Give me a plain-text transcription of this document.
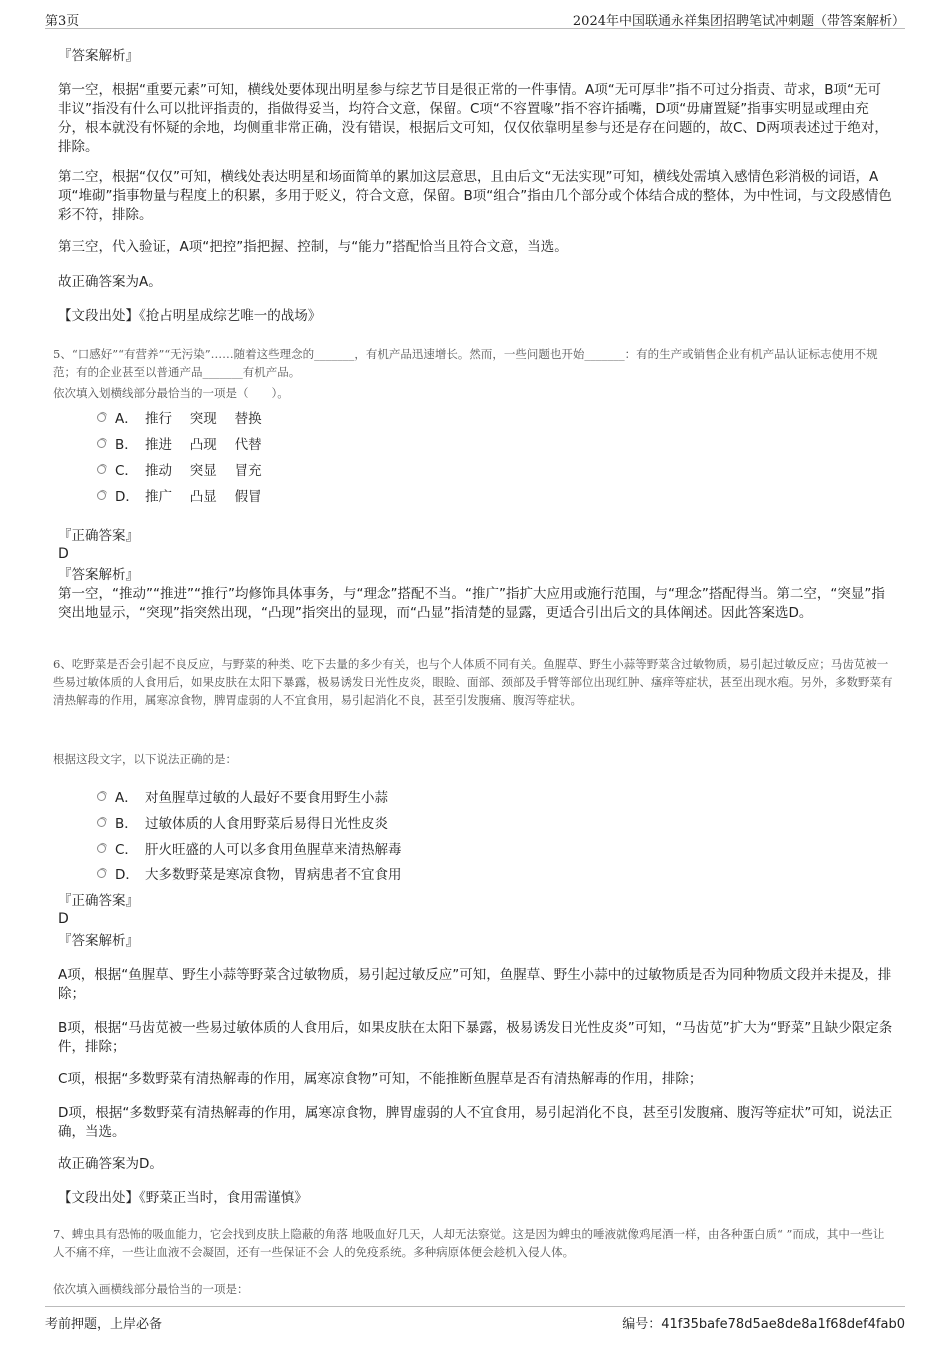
第3页	2024年中国联通永祥集团招聘笔试冲刺题（带答案解析）
『答案解析』

第一空，根据“重要元素”可知，横线处要体现出明星参与综艺节目是很正常的一件事情。A项“无可厚非”指不可过分指责、苛求，B项“无可非议”指没有什么可以批评指责的，指做得妥当，均符合文意，保留。C项“不容置喙”指不容许插嘴，D项“毋庸置疑”指事实明显或理由充分，根本就没有怀疑的余地，均侧重非常正确，没有错误，根据后文可知，仅仅依靠明星参与还是存在问题的，故C、D两项表述过于绝对，排除。

第二空，根据“仅仅”可知，横线处表达明星和场面简单的累加这层意思，且由后文“无法实现”可知，横线处需填入感情色彩消极的词语，A项“堆砌”指事物量与程度上的积累，多用于贬义，符合文意，保留。B项“组合”指由几个部分或个体结合成的整体，为中性词，与文段感情色彩不符，排除。

第三空，代入验证，A项“把控”指把握、控制，与“能力”搭配恰当且符合文意，当选。

故正确答案为A。

【文段出处】《抢占明星成综艺唯一的战场》

5、“口感好”“有营养”“无污染”……随着这些理念的_______，有机产品迅速增长。然而，一些问题也开始_______：有的生产或销售企业有机产品认证标志使用不规范；有的企业甚至以普通产品_______有机产品。

依次填入划横线部分最恰当的一项是（　　）。

A． 推行　 突现　 替换
B． 推进　 凸现　 代替
C． 推动　 突显　 冒充
D． 推广　 凸显　 假冒
『正确答案』
D
『答案解析』

第一空，“推动”“推进”“推行”均修饰具体事务，与“理念”搭配不当。“推广”指扩大应用或施行范围，与“理念”搭配得当。第二空，“突显”指突出地显示，“突现”指突然出现，“凸现”指突出的显现，而“凸显”指清楚的显露，更适合引出后文的具体阐述。因此答案选D。

6、吃野菜是否会引起不良反应，与野菜的种类、吃下去量的多少有关，也与个人体质不同有关。鱼腥草、野生小蒜等野菜含过敏物质，易引起过敏反应；马齿苋被一些易过敏体质的人食用后，如果皮肤在太阳下暴露，极易诱发日光性皮炎，眼睑、面部、颈部及手臂等部位出现红肿、瘙痒等症状，甚至出现水疱。另外，多数野菜有清热解毒的作用，属寒凉食物，脾胃虚弱的人不宜食用，易引起消化不良，甚至引发腹痛、腹泻等症状。

根据这段文字，以下说法正确的是：

A． 对鱼腥草过敏的人最好不要食用野生小蒜
B． 过敏体质的人食用野菜后易得日光性皮炎
C． 肝火旺盛的人可以多食用鱼腥草来清热解毒
D． 大多数野菜是寒凉食物，胃病患者不宜食用
『正确答案』
D
『答案解析』

A项，根据“鱼腥草、野生小蒜等野菜含过敏物质，易引起过敏反应”可知，鱼腥草、野生小蒜中的过敏物质是否为同种物质文段并未提及，排除；

B项，根据“马齿苋被一些易过敏体质的人食用后，如果皮肤在太阳下暴露，极易诱发日光性皮炎”可知，“马齿苋”扩大为“野菜”且缺少限定条件，排除；

C项，根据“多数野菜有清热解毒的作用，属寒凉食物”可知，不能推断鱼腥草是否有清热解毒的作用，排除；

D项，根据“多数野菜有清热解毒的作用，属寒凉食物，脾胃虚弱的人不宜食用，易引起消化不良，甚至引发腹痛、腹泻等症状”可知，说法正确，当选。

故正确答案为D。

【文段出处】《野菜正当时，食用需谨慎》

7、蜱虫具有恐怖的吸血能力，它会找到皮肤上隐蔽的角落 地吸血好几天，人却无法察觉。这是因为蜱虫的唾液就像鸡尾酒一样，由各种蛋白质“ ”而成，其中一些让人不痛不痒，一些让血液不会凝固，还有一些保证不会 人的免疫系统。多种病原体便会趁机入侵人体。

依次填入画横线部分最恰当的一项是：

考前押题，上岸必备	编号：41f35bafe78d5ae8de8a1f68def4fab0
